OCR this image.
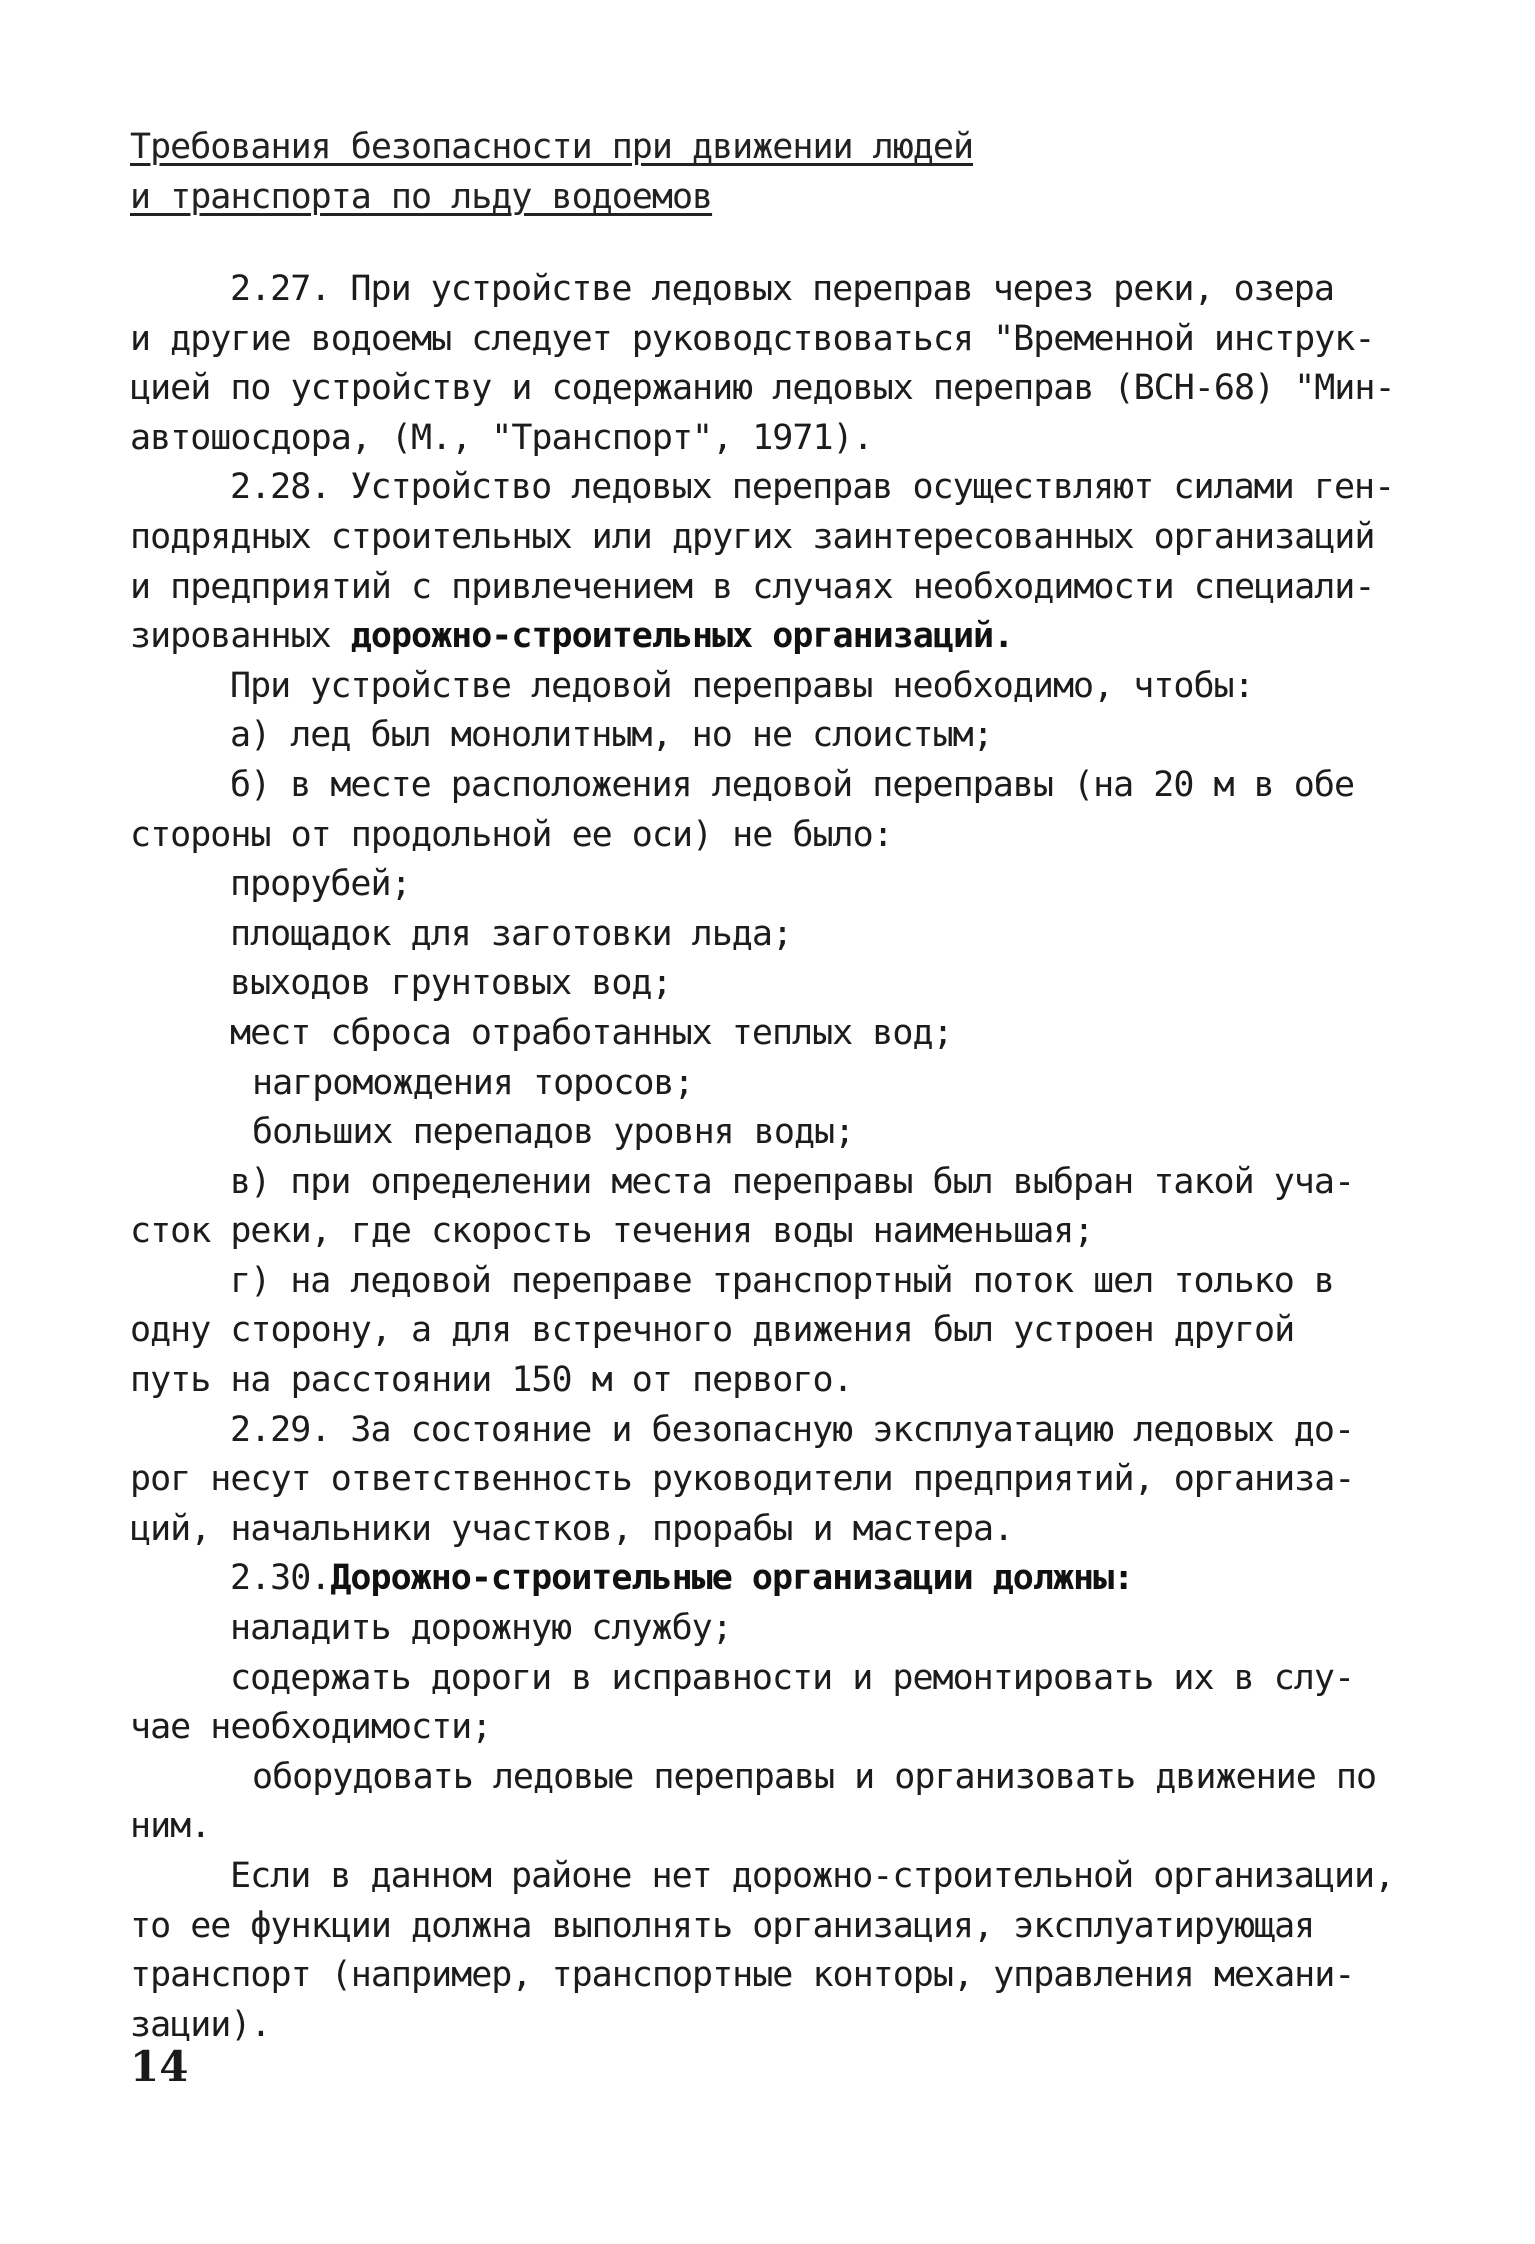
Требования безопасности при движении людей
и транспорта по льду водоемов
2.27. При устройстве ледовых переправ через реки, озера
и другие водоемы следует руководствоваться "Временной инструк-
цией по устройству и содержанию ледовых переправ (ВСН-68) "Мин-
автошосдора, (М., "Транспорт", 1971).
2.28. Устройство ледовых переправ осуществляют силами ген-
подрядных строительных или других заинтересованных организаций
и предприятий с привлечением в случаях необходимости специали-
зированных дорожно-строительных организаций.
При устройстве ледовой переправы необходимо, чтобы:
а) лед был монолитным, но не слоистым;
б) в месте расположения ледовой переправы (на 20 м в обе
стороны от продольной ее оси) не было:
прорубей;
площадок для заготовки льда;
выходов грунтовых вод;
мест сброса отработанных теплых вод;
нагромождения торосов;
больших перепадов уровня воды;
в) при определении места переправы был выбран такой уча-
сток реки, где скорость течения воды наименьшая;
г) на ледовой переправе транспортный поток шел только в
одну сторону, а для встречного движения был устроен другой
путь на расстоянии 150 м от первого.
2.29. За состояние и безопасную эксплуатацию ледовых до-
рог несут ответственность руководители предприятий, организа-
ций, начальники участков, прорабы и мастера.
2.30.Дорожно-строительные организации должны:
наладить дорожную службу;
содержать дороги в исправности и ремонтировать их в слу-
чае необходимости;
оборудовать ледовые переправы и организовать движение по
ним.
Если в данном районе нет дорожно-строительной организации,
то ее функции должна выполнять организация, эксплуатирующая
транспорт (например, транспортные конторы, управления механи-
зации).
14
